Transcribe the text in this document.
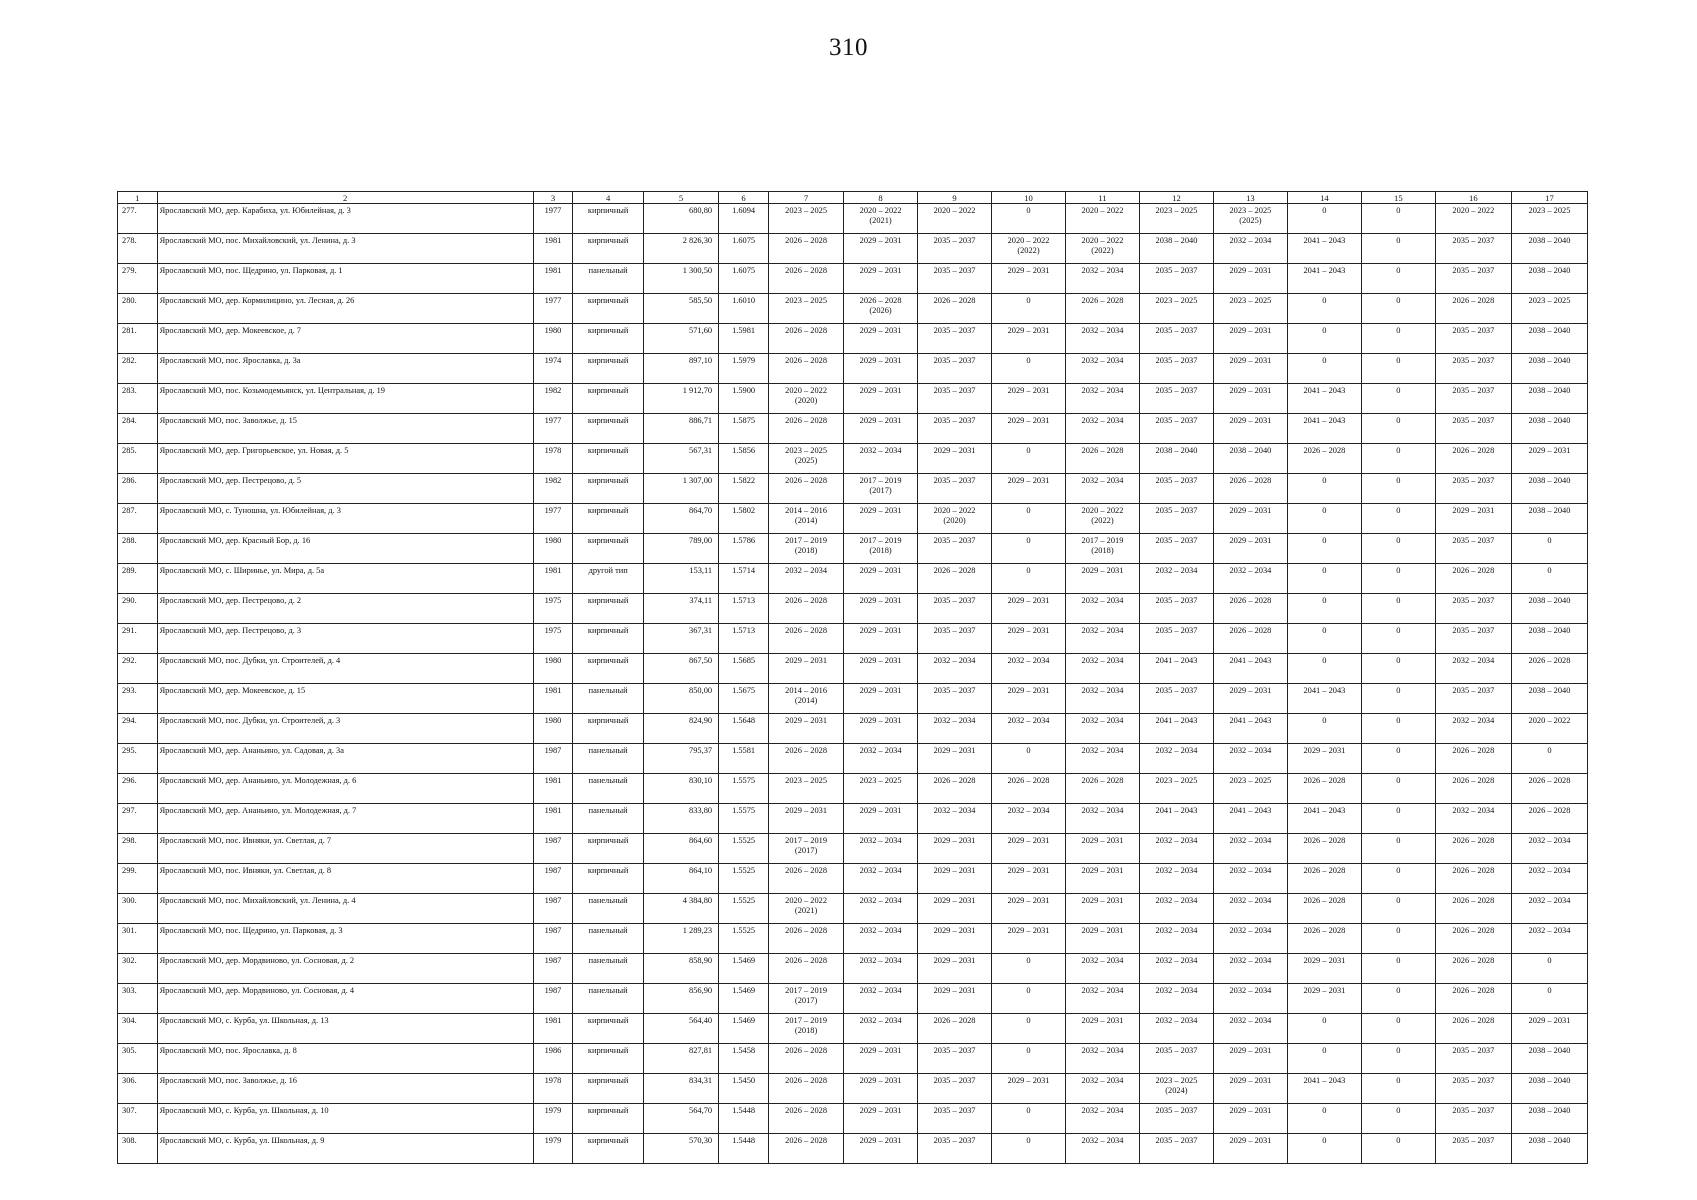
310
1	2	3	4	5	6	7	8	9	10	11	12	13	14	15	16	17
277.	Ярославский МО, дер. Карабиха, ул. Юбилейная, д. 3	1977	кирпичный	680,80	1.6094	2023 – 2025	2020 – 2022
(2021)	2020 – 2022	0	2020 – 2022	2023 – 2025	2023 – 2025
(2025)	0	0	2020 – 2022	2023 – 2025
278.	Ярославский МО, пос. Михайловский, ул. Ленина, д. 3	1981	кирпичный	2 826,30	1.6075	2026 – 2028	2029 – 2031	2035 – 2037	2020 – 2022
(2022)	2020 – 2022
(2022)	2038 – 2040	2032 – 2034	2041 – 2043	0	2035 – 2037	2038 – 2040
279.	Ярославский МО, пос. Щедрино, ул. Парковая, д. 1	1981	панельный	1 300,50	1.6075	2026 – 2028	2029 – 2031	2035 – 2037	2029 – 2031	2032 – 2034	2035 – 2037	2029 – 2031	2041 – 2043	0	2035 – 2037	2038 – 2040
280.	Ярославский МО, дер. Кормилицино, ул. Лесная, д. 26	1977	кирпичный	585,50	1.6010	2023 – 2025	2026 – 2028
(2026)	2026 – 2028	0	2026 – 2028	2023 – 2025	2023 – 2025	0	0	2026 – 2028	2023 – 2025
281.	Ярославский МО, дер. Мокеевское, д. 7	1980	кирпичный	571,60	1.5981	2026 – 2028	2029 – 2031	2035 – 2037	2029 – 2031	2032 – 2034	2035 – 2037	2029 – 2031	0	0	2035 – 2037	2038 – 2040
282.	Ярославский МО, пос. Ярославка, д. 3а	1974	кирпичный	897,10	1.5979	2026 – 2028	2029 – 2031	2035 – 2037	0	2032 – 2034	2035 – 2037	2029 – 2031	0	0	2035 – 2037	2038 – 2040
283.	Ярославский МО, пос. Козьмодемьянск, ул. Центральная, д. 19	1982	кирпичный	1 912,70	1.5900	2020 – 2022
(2020)	2029 – 2031	2035 – 2037	2029 – 2031	2032 – 2034	2035 – 2037	2029 – 2031	2041 – 2043	0	2035 – 2037	2038 – 2040
284.	Ярославский МО, пос. Заволжье, д. 15	1977	кирпичный	886,71	1.5875	2026 – 2028	2029 – 2031	2035 – 2037	2029 – 2031	2032 – 2034	2035 – 2037	2029 – 2031	2041 – 2043	0	2035 – 2037	2038 – 2040
285.	Ярославский МО, дер. Григорьевское, ул. Новая, д. 5	1978	кирпичный	567,31	1.5856	2023 – 2025
(2025)	2032 – 2034	2029 – 2031	0	2026 – 2028	2038 – 2040	2038 – 2040	2026 – 2028	0	2026 – 2028	2029 – 2031
286.	Ярославский МО, дер. Пестрецово, д. 5	1982	кирпичный	1 307,00	1.5822	2026 – 2028	2017 – 2019
(2017)	2035 – 2037	2029 – 2031	2032 – 2034	2035 – 2037	2026 – 2028	0	0	2035 – 2037	2038 – 2040
287.	Ярославский МО, с. Туношна, ул. Юбилейная, д. 3	1977	кирпичный	864,70	1.5802	2014 – 2016
(2014)	2029 – 2031	2020 – 2022
(2020)	0	2020 – 2022
(2022)	2035 – 2037	2029 – 2031	0	0	2029 – 2031	2038 – 2040
288.	Ярославский МО, дер. Красный Бор, д. 16	1980	кирпичный	789,00	1.5786	2017 – 2019
(2018)	2017 – 2019
(2018)	2035 – 2037	0	2017 – 2019
(2018)	2035 – 2037	2029 – 2031	0	0	2035 – 2037	0
289.	Ярославский МО, с. Ширинье, ул. Мира, д. 5а	1981	другой тип	153,11	1.5714	2032 – 2034	2029 – 2031	2026 – 2028	0	2029 – 2031	2032 – 2034	2032 – 2034	0	0	2026 – 2028	0
290.	Ярославский МО, дер. Пестрецово, д. 2	1975	кирпичный	374,11	1.5713	2026 – 2028	2029 – 2031	2035 – 2037	2029 – 2031	2032 – 2034	2035 – 2037	2026 – 2028	0	0	2035 – 2037	2038 – 2040
291.	Ярославский МО, дер. Пестрецово, д. 3	1975	кирпичный	367,31	1.5713	2026 – 2028	2029 – 2031	2035 – 2037	2029 – 2031	2032 – 2034	2035 – 2037	2026 – 2028	0	0	2035 – 2037	2038 – 2040
292.	Ярославский МО, пос. Дубки, ул. Строителей, д. 4	1980	кирпичный	867,50	1.5685	2029 – 2031	2029 – 2031	2032 – 2034	2032 – 2034	2032 – 2034	2041 – 2043	2041 – 2043	0	0	2032 – 2034	2026 – 2028
293.	Ярославский МО, дер. Мокеевское, д. 15	1981	панельный	850,00	1.5675	2014 – 2016
(2014)	2029 – 2031	2035 – 2037	2029 – 2031	2032 – 2034	2035 – 2037	2029 – 2031	2041 – 2043	0	2035 – 2037	2038 – 2040
294.	Ярославский МО, пос. Дубки, ул. Строителей, д. 3	1980	кирпичный	824,90	1.5648	2029 – 2031	2029 – 2031	2032 – 2034	2032 – 2034	2032 – 2034	2041 – 2043	2041 – 2043	0	0	2032 – 2034	2020 – 2022
295.	Ярославский МО, дер. Ананьино, ул. Садовая, д. 3а	1987	панельный	795,37	1.5581	2026 – 2028	2032 – 2034	2029 – 2031	0	2032 – 2034	2032 – 2034	2032 – 2034	2029 – 2031	0	2026 – 2028	0
296.	Ярославский МО, дер. Ананьино, ул. Молодежная, д. 6	1981	панельный	830,10	1.5575	2023 – 2025	2023 – 2025	2026 – 2028	2026 – 2028	2026 – 2028	2023 – 2025	2023 – 2025	2026 – 2028	0	2026 – 2028	2026 – 2028
297.	Ярославский МО, дер. Ананьино, ул. Молодежная, д. 7	1981	панельный	833,80	1.5575	2029 – 2031	2029 – 2031	2032 – 2034	2032 – 2034	2032 – 2034	2041 – 2043	2041 – 2043	2041 – 2043	0	2032 – 2034	2026 – 2028
298.	Ярославский МО, пос. Ивняки, ул. Светлая, д. 7	1987	кирпичный	864,60	1.5525	2017 – 2019
(2017)	2032 – 2034	2029 – 2031	2029 – 2031	2029 – 2031	2032 – 2034	2032 – 2034	2026 – 2028	0	2026 – 2028	2032 – 2034
299.	Ярославский МО, пос. Ивняки, ул. Светлая, д. 8	1987	кирпичный	864,10	1.5525	2026 – 2028	2032 – 2034	2029 – 2031	2029 – 2031	2029 – 2031	2032 – 2034	2032 – 2034	2026 – 2028	0	2026 – 2028	2032 – 2034
300.	Ярославский МО, пос. Михайловский, ул. Ленина, д. 4	1987	панельный	4 384,80	1.5525	2020 – 2022
(2021)	2032 – 2034	2029 – 2031	2029 – 2031	2029 – 2031	2032 – 2034	2032 – 2034	2026 – 2028	0	2026 – 2028	2032 – 2034
301.	Ярославский МО, пос. Щедрино, ул. Парковая, д. 3	1987	панельный	1 289,23	1.5525	2026 – 2028	2032 – 2034	2029 – 2031	2029 – 2031	2029 – 2031	2032 – 2034	2032 – 2034	2026 – 2028	0	2026 – 2028	2032 – 2034
302.	Ярославский МО, дер. Мордвиново, ул. Сосновая, д. 2	1987	панельный	858,90	1.5469	2026 – 2028	2032 – 2034	2029 – 2031	0	2032 – 2034	2032 – 2034	2032 – 2034	2029 – 2031	0	2026 – 2028	0
303.	Ярославский МО, дер. Мордвиново, ул. Сосновая, д. 4	1987	панельный	856,90	1.5469	2017 – 2019
(2017)	2032 – 2034	2029 – 2031	0	2032 – 2034	2032 – 2034	2032 – 2034	2029 – 2031	0	2026 – 2028	0
304.	Ярославский МО, с. Курба, ул. Школьная, д. 13	1981	кирпичный	564,40	1.5469	2017 – 2019
(2018)	2032 – 2034	2026 – 2028	0	2029 – 2031	2032 – 2034	2032 – 2034	0	0	2026 – 2028	2029 – 2031
305.	Ярославский МО, пос. Ярославка, д. 8	1986	кирпичный	827,81	1.5458	2026 – 2028	2029 – 2031	2035 – 2037	0	2032 – 2034	2035 – 2037	2029 – 2031	0	0	2035 – 2037	2038 – 2040
306.	Ярославский МО, пос. Заволжье, д. 16	1978	кирпичный	834,31	1.5450	2026 – 2028	2029 – 2031	2035 – 2037	2029 – 2031	2032 – 2034	2023 – 2025
(2024)	2029 – 2031	2041 – 2043	0	2035 – 2037	2038 – 2040
307.	Ярославский МО, с. Курба, ул. Школьная, д. 10	1979	кирпичный	564,70	1.5448	2026 – 2028	2029 – 2031	2035 – 2037	0	2032 – 2034	2035 – 2037	2029 – 2031	0	0	2035 – 2037	2038 – 2040
308.	Ярославский МО, с. Курба, ул. Школьная, д. 9	1979	кирпичный	570,30	1.5448	2026 – 2028	2029 – 2031	2035 – 2037	0	2032 – 2034	2035 – 2037	2029 – 2031	0	0	2035 – 2037	2038 – 2040
